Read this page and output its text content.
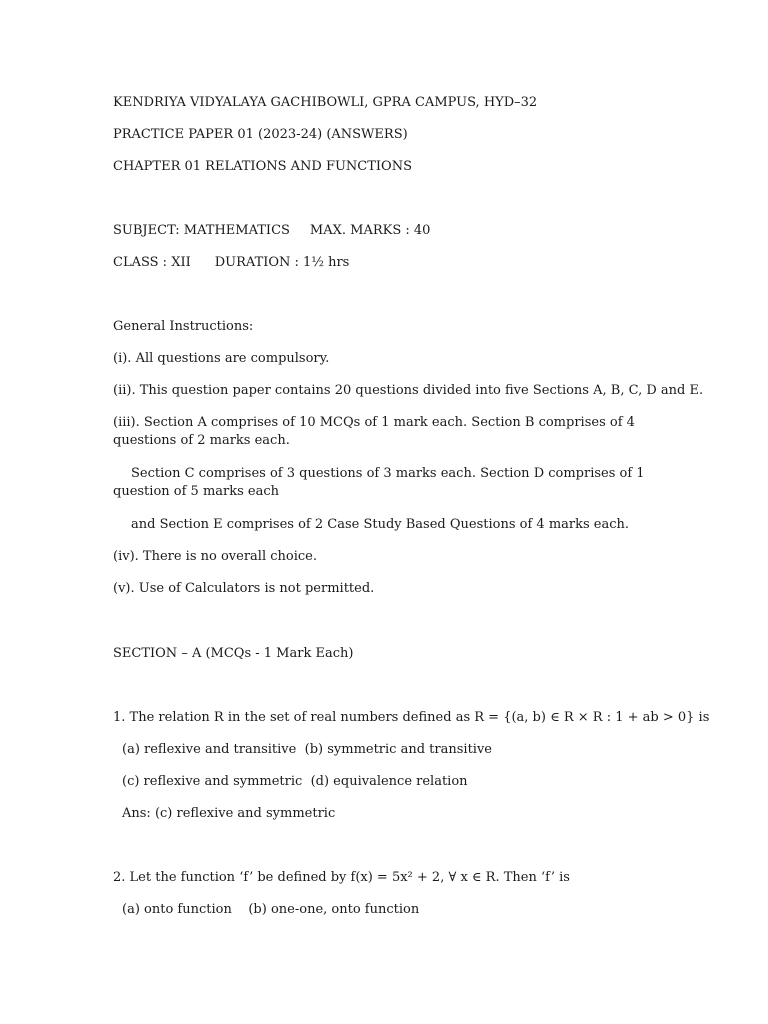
KENDRIYA VIDYALAYA GACHIBOWLI, GPRA CAMPUS, HYD–32
PRACTICE PAPER 01 (2023-24) (ANSWERS)
CHAPTER 01 RELATIONS AND FUNCTIONS
SUBJECT: MATHEMATICS MAX. MARKS : 40
CLASS : XII DURATION : 1½ hrs
General Instructions:
(i). All questions are compulsory.
(ii). This question paper contains 20 questions divided into five Sections A, B, C, D and E.
(iii). Section A comprises of 10 MCQs of 1 mark each. Section B comprises of 4 questions of 2 marks each.
Section C comprises of 3 questions of 3 marks each. Section D comprises of 1 question of 5 marks each
and Section E comprises of 2 Case Study Based Questions of 4 marks each.
(iv). There is no overall choice.
(v). Use of Calculators is not permitted.
SECTION – A (MCQs - 1 Mark Each)
1. The relation R in the set of real numbers defined as R = {(a, b) ∈ R × R : 1 + ab > 0} is
(a) reflexive and transitive (b) symmetric and transitive
(c) reflexive and symmetric (d) equivalence relation
Ans: (c) reflexive and symmetric
2. Let the function ‘f’ be defined by f(x) = 5x² + 2, ∀ x ∈ R. Then ‘f’ is
(a) onto function (b) one-one, onto function
